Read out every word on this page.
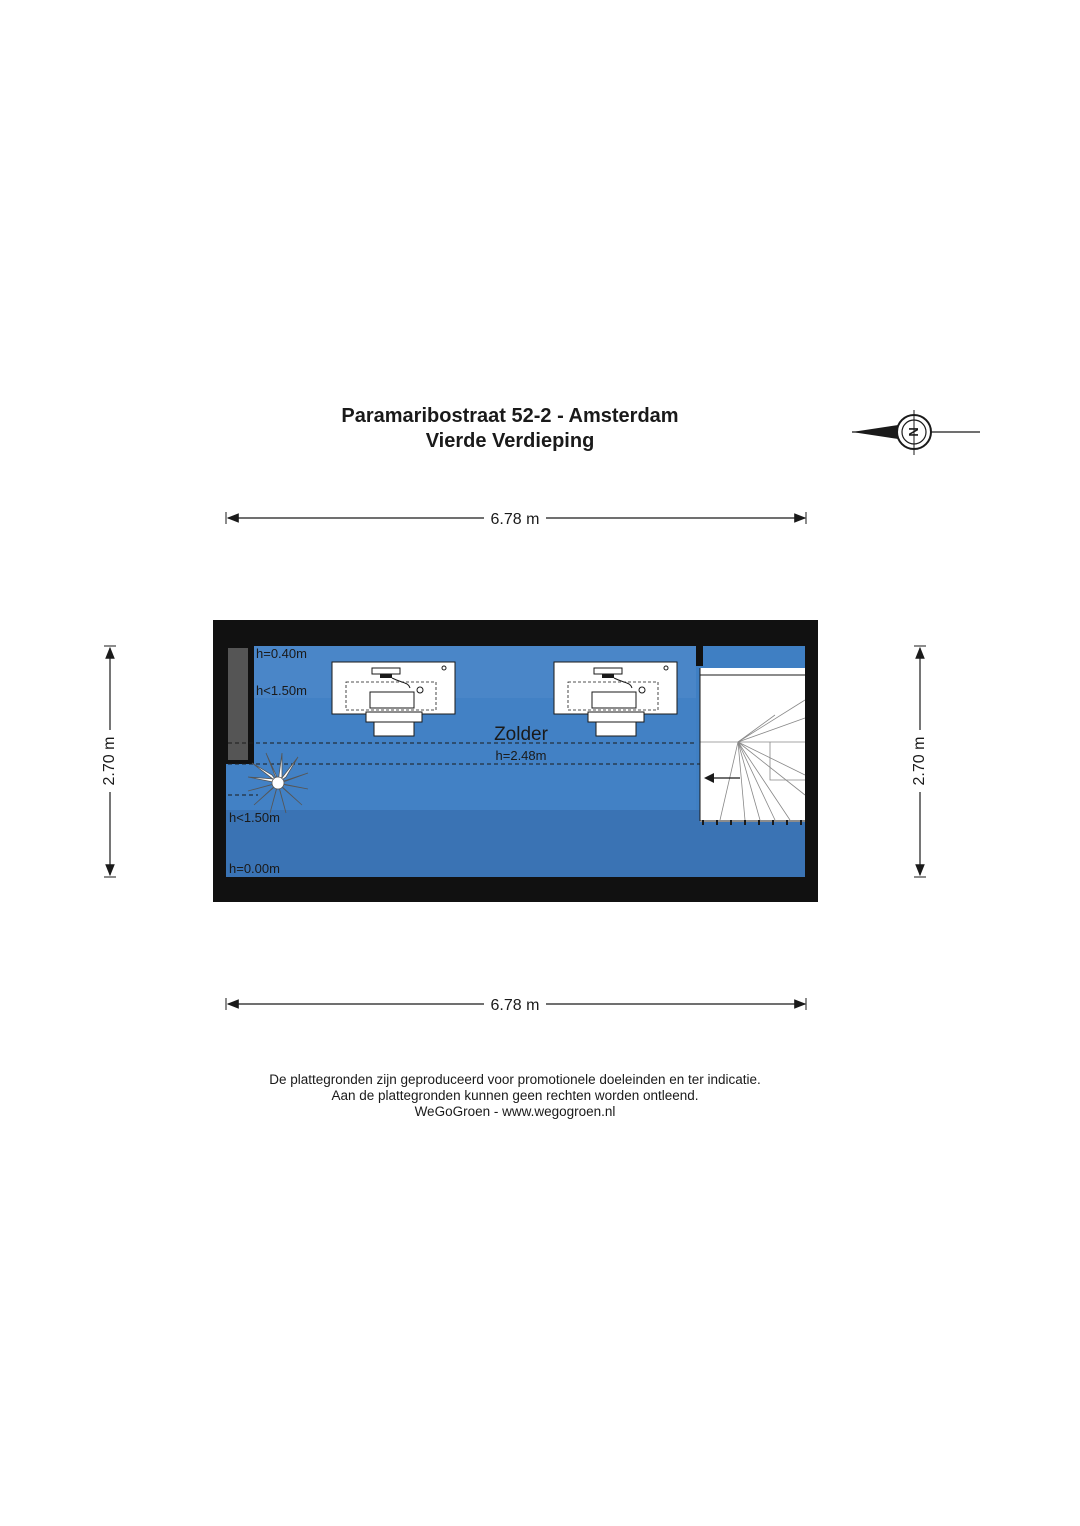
Paramaribostraat 52-2 - Amsterdam
Vierde Verdieping	N
6.78 m
6.78 m
2.70 m	2.70 m
Zolder
h=2.48m
h=0.40m
h<1.50m
h<1.50m
h=0.00m
De plattegronden zijn geproduceerd voor promotionele doeleinden en ter indicatie.
Aan de plattegronden kunnen geen rechten worden ontleend.
WeGoGroen - www.wegogroen.nl
